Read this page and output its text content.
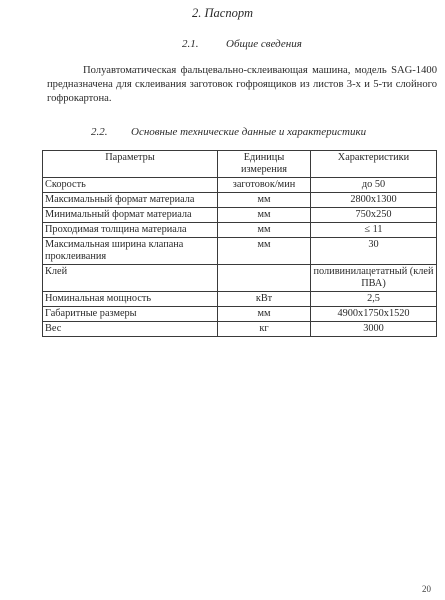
2. Паспорт
2.1.	Общие сведения
Полуавтоматическая фальцевально-склеивающая машина, модель SAG-1400 предназначена для склеивания заготовок гофроящиков из листов 3-х и 5-ти слойного гофрокартона.
2.2. Основные технические данные и характеристики
Параметры	Единицы измерения	Характеристики
Скорость	заготовок/мин	до 50
Максимальный формат материала	мм	2800х1300
Минимальный формат материала	мм	750х250
Проходимая толщина материала	мм	≤ 11
Максимальная ширина клапана проклеивания	мм	30
Клей		поливинилацетатный (клей ПВА)
Номинальная мощность	кВт	2,5
Габаритные размеры	мм	4900х1750х1520
Вес	кг	3000
20
